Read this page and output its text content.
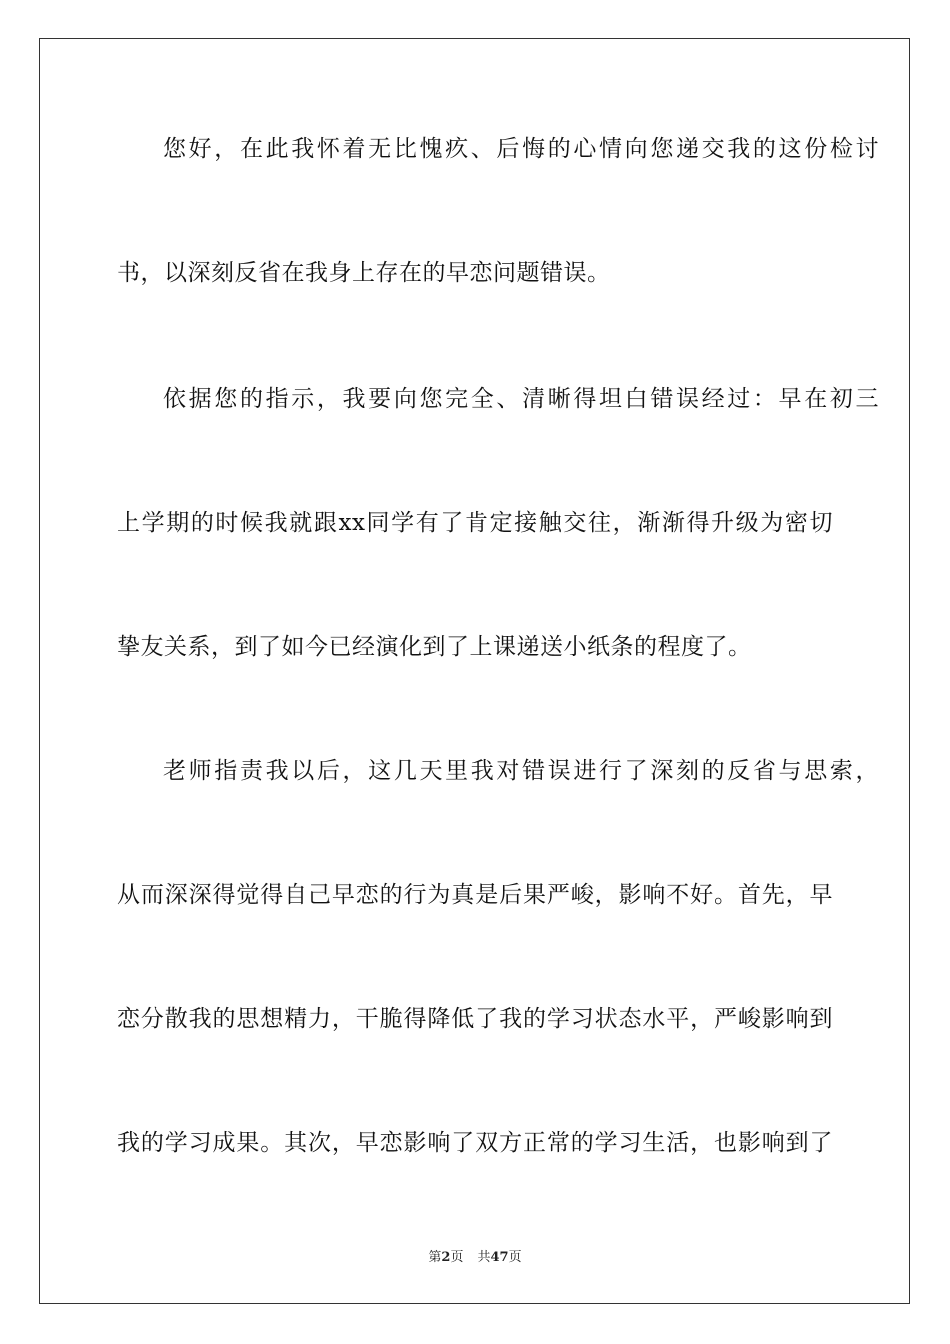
您好，在此我怀着无比愧疚、后悔的心情向您递交我的这份检讨
书，以深刻反省在我身上存在的早恋问题错误。
依据您的指示，我要向您完全、清晰得坦白错误经过：早在初三
上学期的时候我就跟xx同学有了肯定接触交往，渐渐得升级为密切
挚友关系，到了如今已经演化到了上课递送小纸条的程度了。
老师指责我以后，这几天里我对错误进行了深刻的反省与思索，
从而深深得觉得自己早恋的行为真是后果严峻，影响不好。首先，早
恋分散我的思想精力，干脆得降低了我的学习状态水平，严峻影响到
我的学习成果。其次，早恋影响了双方正常的学习生活，也影响到了
第2页 共47页
